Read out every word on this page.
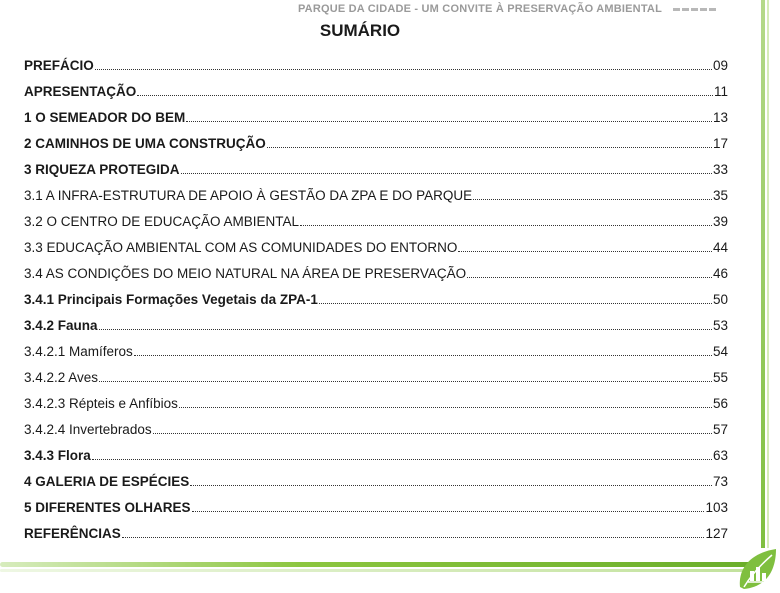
PARQUE DA CIDADE - UM CONVITE À PRESERVAÇÃO AMBIENTAL
SUMÁRIO
PREFÁCIO	09
APRESENTAÇÃO	11
1 O SEMEADOR DO BEM	13
2 CAMINHOS DE UMA CONSTRUÇÃO	17
3 RIQUEZA PROTEGIDA	33
3.1 A INFRA-ESTRUTURA DE APOIO À GESTÃO DA ZPA E DO PARQUE	35
3.2 O CENTRO DE EDUCAÇÃO AMBIENTAL	39
3.3 EDUCAÇÃO AMBIENTAL COM AS COMUNIDADES DO ENTORNO	44
3.4 AS CONDIÇÕES DO MEIO NATURAL NA ÁREA DE PRESERVAÇÃO	46
3.4.1 Principais Formações Vegetais da ZPA-1	50
3.4.2 Fauna	53
3.4.2.1 Mamíferos	54
3.4.2.2 Aves	55
3.4.2.3 Répteis e Anfíbios	56
3.4.2.4 Invertebrados	57
3.4.3 Flora	63
4 GALERIA DE ESPÉCIES	73
5 DIFERENTES OLHARES	103
REFERÊNCIAS	127
